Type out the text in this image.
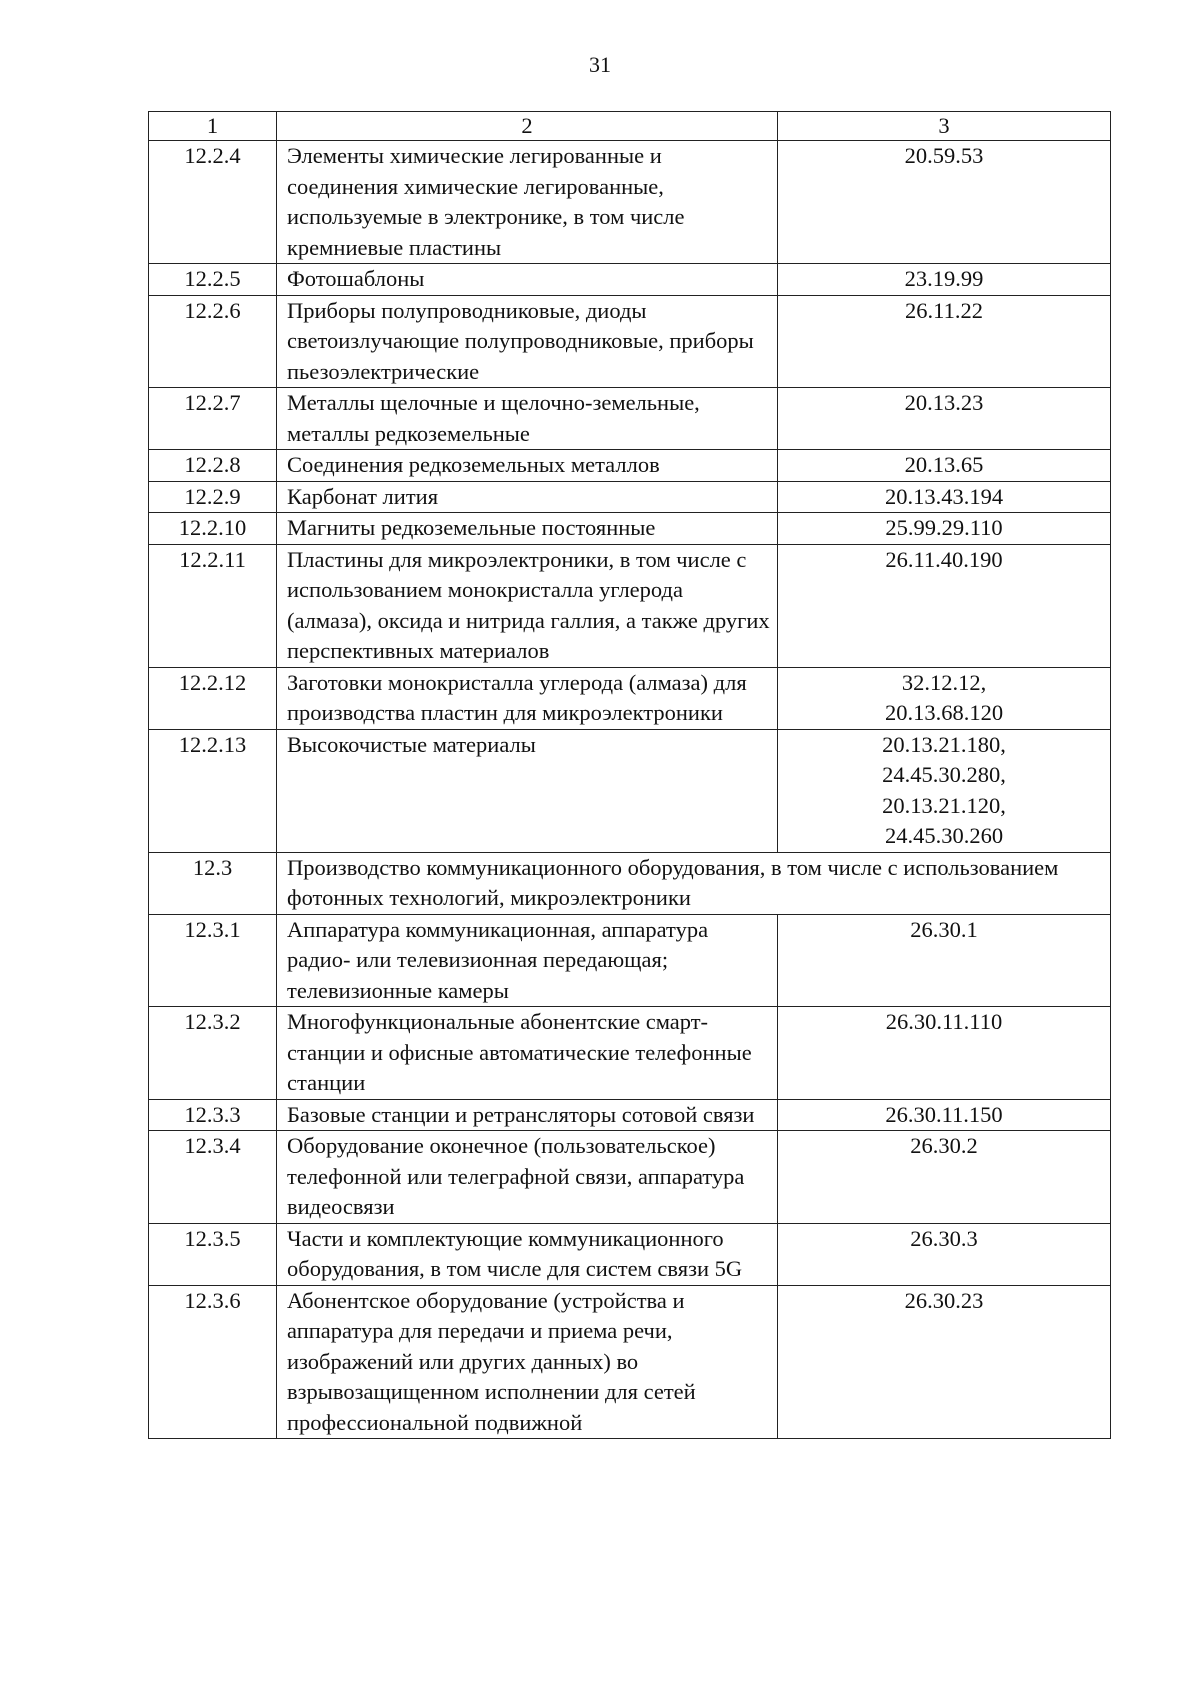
31
1	2	3
12.2.4	Элементы химические легированные и соединения химические легированные, используемые в электронике, в том числе кремниевые пластины	20.59.53

12.2.5	Фотошаблоны	23.19.99

12.2.6	Приборы полупроводниковые, диоды светоизлучающие полупроводниковые, приборы пьезоэлектрические	26.11.22

12.2.7	Металлы щелочные и щелочно-земельные, металлы редкоземельные	20.13.23

12.2.8	Соединения редкоземельных металлов	20.13.65

12.2.9	Карбонат лития	20.13.43.194

12.2.10	Магниты редкоземельные постоянные	25.99.29.110

12.2.11	Пластины для микроэлектроники, в том числе с использованием монокристалла углерода (алмаза), оксида и нитрида галлия, а также других перспективных материалов	26.11.40.190

12.2.12	Заготовки монокристалла углерода (алмаза) для производства пластин для микроэлектроники	32.12.12,
20.13.68.120

12.2.13	Высокочистые материалы	20.13.21.180,
24.45.30.280,
20.13.21.120,
24.45.30.260

12.3	Производство коммуникационного оборудования, в том числе с использованием фотонных технологий, микроэлектроники	
12.3.1	Аппаратура коммуникационная, аппаратура радио- или телевизионная передающая; телевизионные камеры	26.30.1

12.3.2	Многофункциональные абонентские смарт-станции и офисные автоматические телефонные станции	26.30.11.110

12.3.3	Базовые станции и ретрансляторы сотовой связи	26.30.11.150

12.3.4	Оборудование оконечное (пользовательское) телефонной или телеграфной связи, аппаратура видеосвязи	26.30.2

12.3.5	Части и комплектующие коммуникационного оборудования, в том числе для систем связи 5G	26.30.3

12.3.6	Абонентское оборудование (устройства и аппаратура для передачи и приема речи, изображений или других данных) во взрывозащищенном исполнении для сетей профессиональной подвижной	26.30.23
